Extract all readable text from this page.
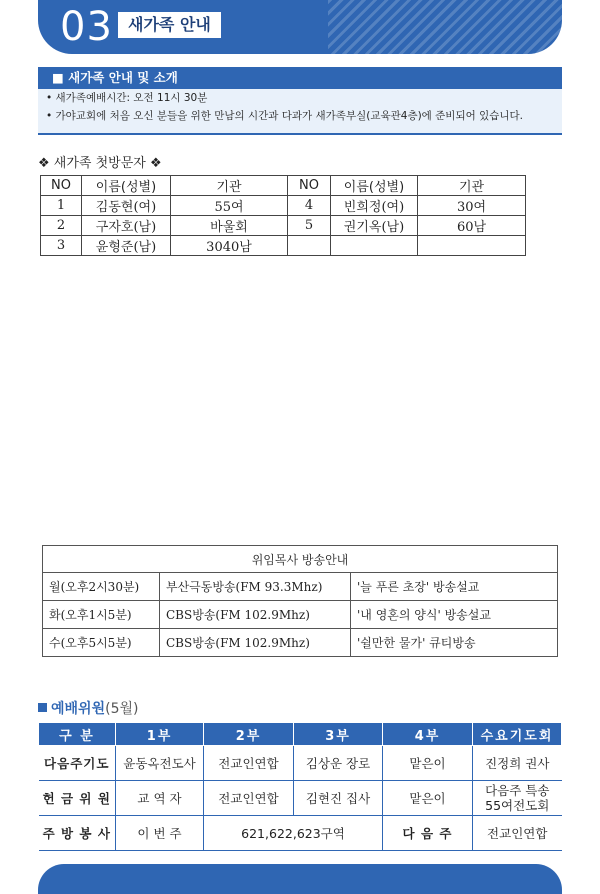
03 새가족 안내
■ 새가족 안내 및 소개
• 새가족예배시간: 오전 11시 30분
• 가야교회에 처음 오신 분들을 위한 만남의 시간과 다과가 새가족부실(교육관4층)에 준비되어 있습니다.
❖ 새가족 첫방문자 ❖
NO	이름(성별)	기관	NO	이름(성별)	기관
1	김동현(여)	55여	4	빈희정(여)	30여
2	구자호(남)	바울회	5	권기옥(남)	60남
3	윤형준(남)	3040남			
위임목사 방송안내		
월(오후2시30분)	부산극동방송(FM 93.3Mhz)	'늘 푸른 초장' 방송설교
화(오후1시5분)	CBS방송(FM 102.9Mhz)	'내 영혼의 양식' 방송설교
수(오후5시5분)	CBS방송(FM 102.9Mhz)	'쉴만한 물가' 큐티방송
예배위원(5월)
구 분	1부	2부	3부	4부	수요기도회
다음주기도	윤동옥전도사	전교인연합	김상운 장로	맡은이	진정희 권사
헌 금 위 원	교 역 자	전교인연합	김현진 집사	맡은이	다음주 특송
55여전도회
주 방 봉 사	이 번 주	621,622,623구역		다 음 주	전교인연합
